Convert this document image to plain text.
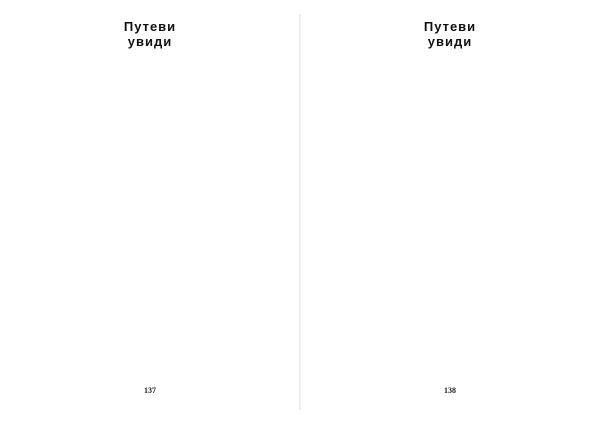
Путеви
увиди
137
Путеви
увиди
138
